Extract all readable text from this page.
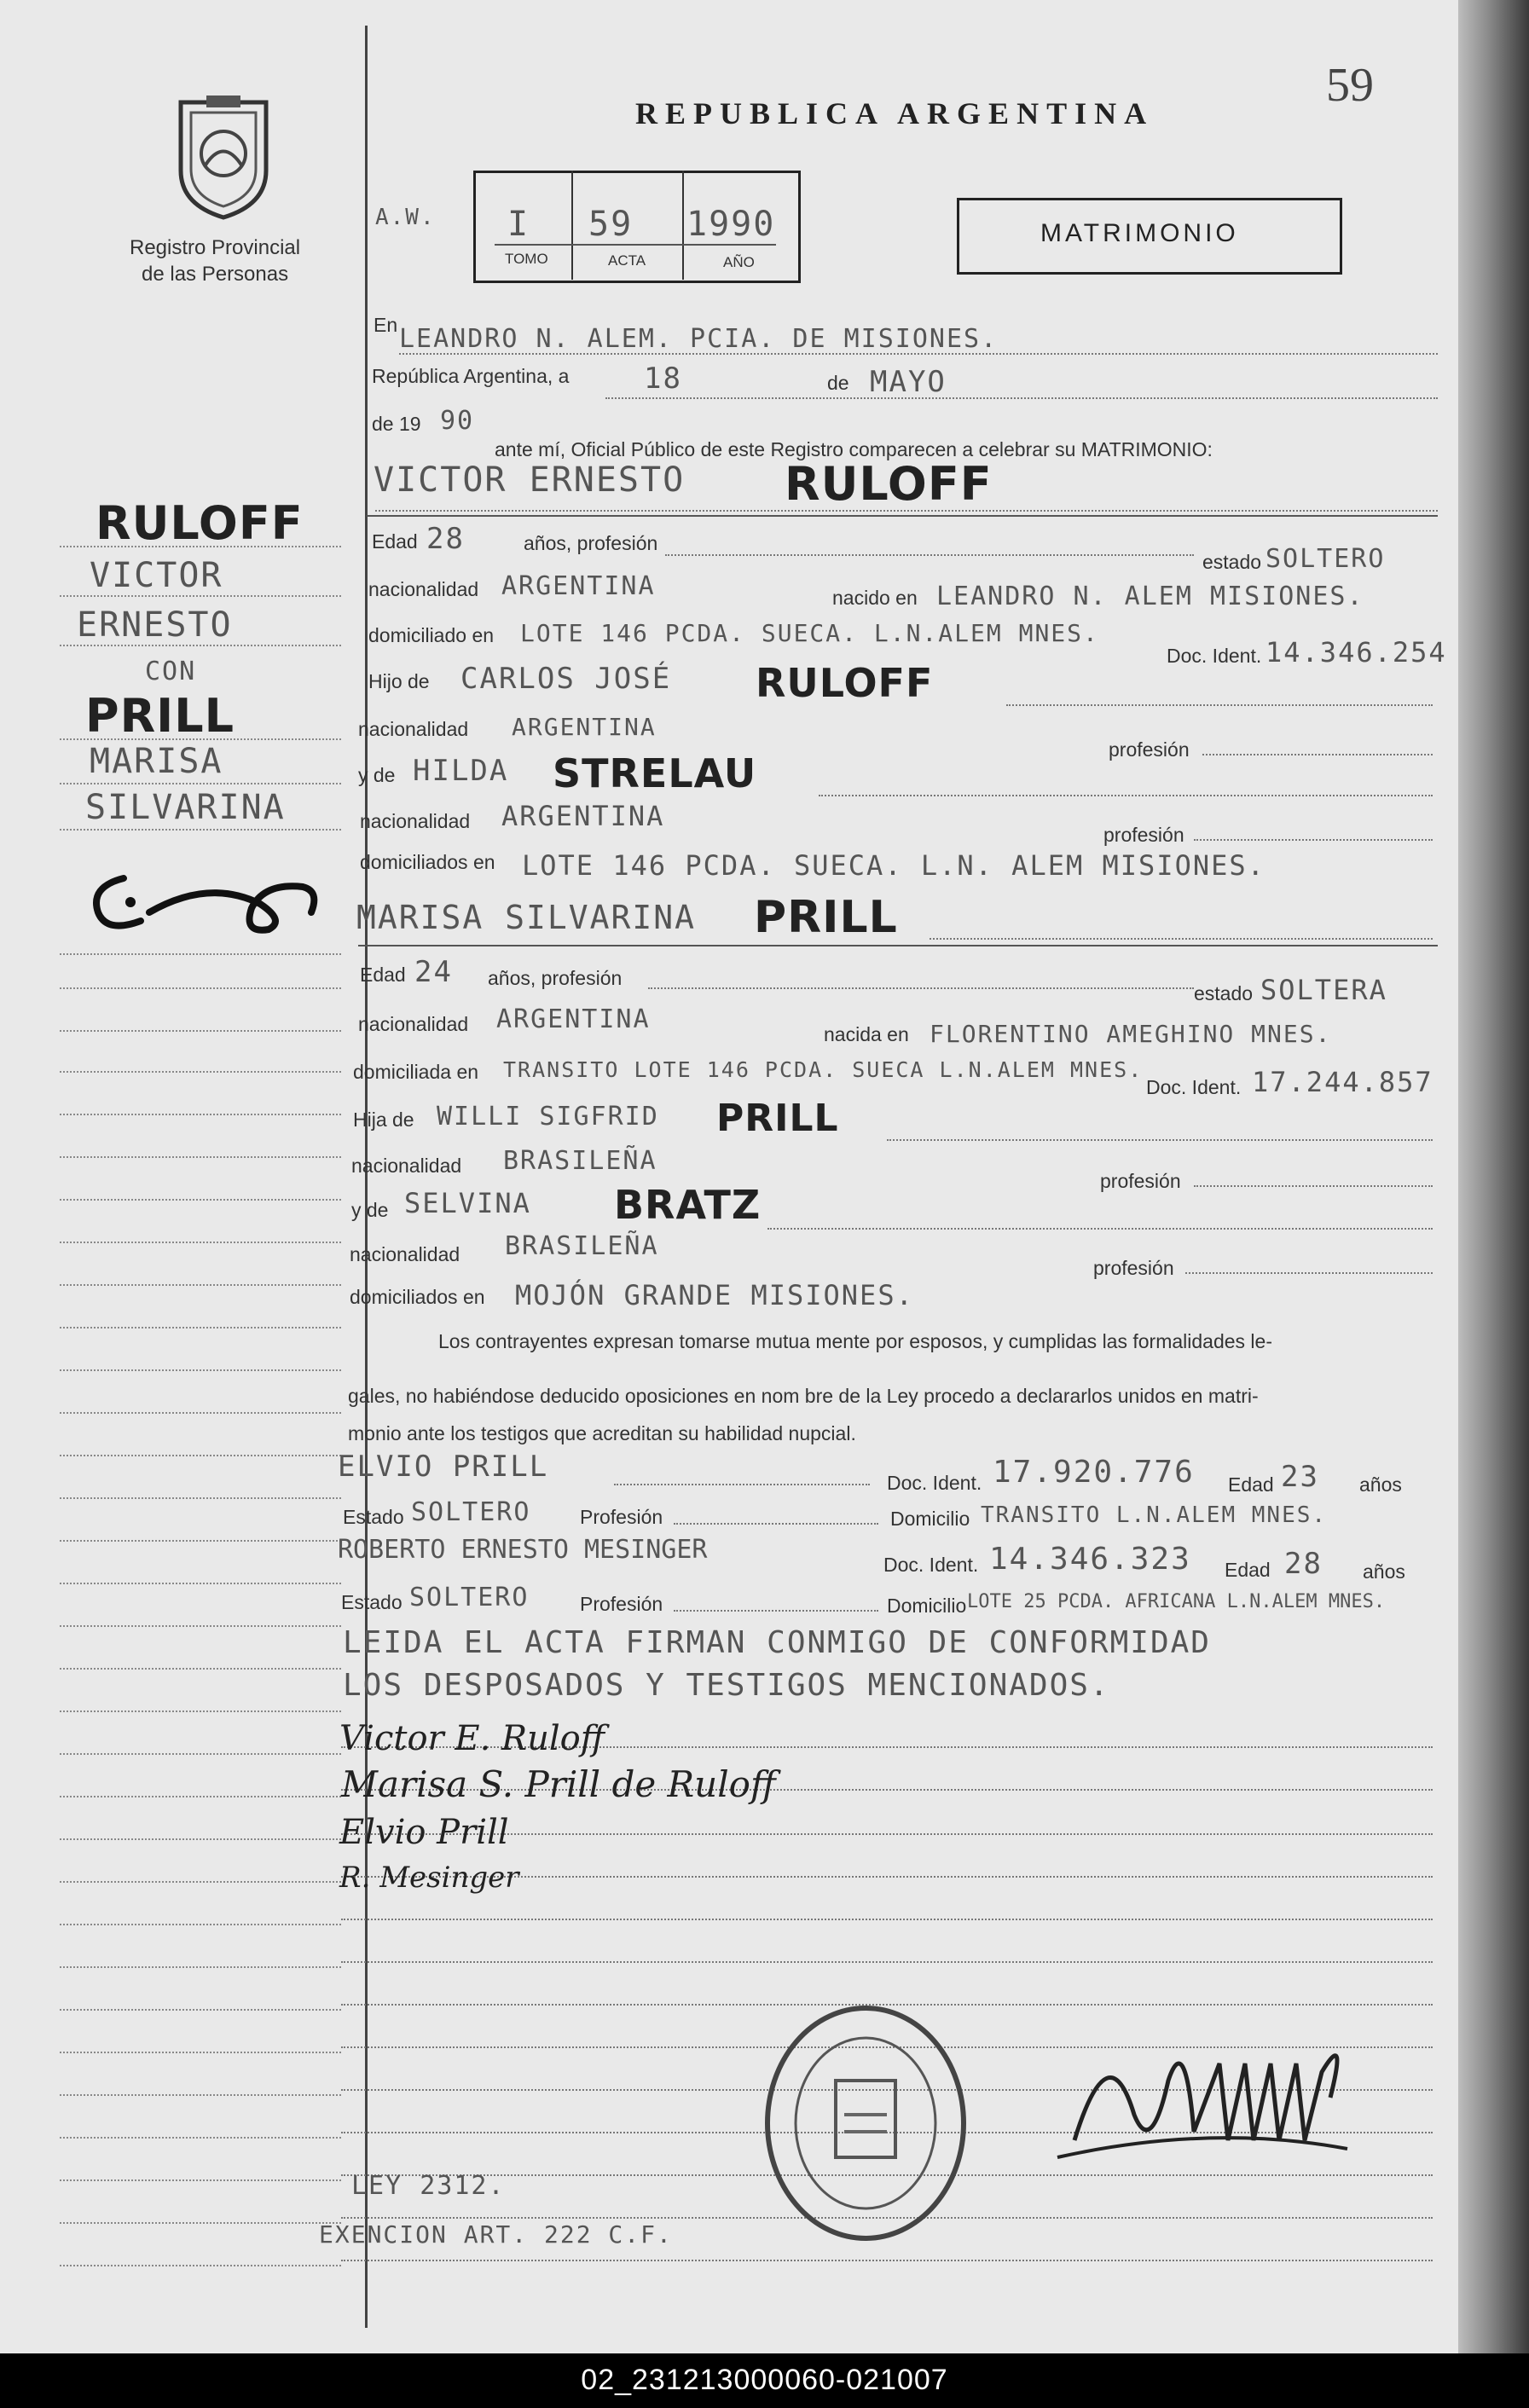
Registro Provincial
de las Personas
REPUBLICA ARGENTINA
59
A.W. I 59 1990
TOMO	ACTA	AÑO
MATRIMONIO
En LEANDRO N. ALEM. PCIA. DE MISIONES.
República Argentina, a	18	de MAYO
de 19 90
ante mí, Oficial Público de este Registro comparecen a celebrar su MATRIMONIO:
VICTOR ERNESTO RULOFF
RULOFF
VICTOR
ERNESTO
CON
PRILL
MARISA
SILVARINA
Edad 28	años, profesión
estado SOLTERO
nacionalidad ARGENTINA	nacido en LEANDRO N. ALEM MISIONES.
domiciliado en LOTE 146 PCDA. SUECA. L.N.ALEM MNES.
Doc. Ident. 14.346.254
Hijo de CARLOS JOSÉ RULOFF
nacionalidad ARGENTINA
profesión
y de HILDA STRELAU
nacionalidad ARGENTINA
profesión
domiciliados en LOTE 146 PCDA. SUECA. L.N. ALEM MISIONES.
MARISA SILVARINA PRILL
Edad 24 años, profesión
estado SOLTERA
nacionalidad ARGENTINA	nacida en FLORENTINO AMEGHINO MNES.
domiciliada en TRANSITO LOTE 146 PCDA. SUECA L.N.ALEM MNES.
Doc. Ident. 17.244.857
Hija de WILLI SIGFRID PRILL
nacionalidad BRASILEÑA
profesión
y de SELVINA BRATZ
nacionalidad BRASILEÑA
profesión
domiciliados en MOJÓN GRANDE MISIONES.
Los contrayentes expresan tomarse mutua mente por esposos, y cumplidas las formalidades le-
gales, no habiéndose deducido oposiciones en nom bre de la Ley procedo a declararlos unidos en matri-
monio ante los testigos que acreditan su habilidad nupcial.
ELVIO PRILL	Doc. Ident. 17.920.776 Edad 23 años
Estado SOLTERO	Profesión	Domicilio TRANSITO L.N.ALEM MNES.
ROBERTO ERNESTO MESINGER	Doc. Ident. 14.346.323 Edad 28 años
Estado SOLTERO	Profesión	Domicilio LOTE 25 PCDA. AFRICANA L.N.ALEM MNES.
LEIDA EL ACTA FIRMAN CONMIGO DE CONFORMIDAD
LOS DESPOSADOS Y TESTIGOS MENCIONADOS.
Victor E. Ruloff
Marisa S. Prill de Ruloff
Elvio Prill
R. Mesinger
LEY 2312.
EXENCION ART. 222 C.F.
02_231213000060-021007
